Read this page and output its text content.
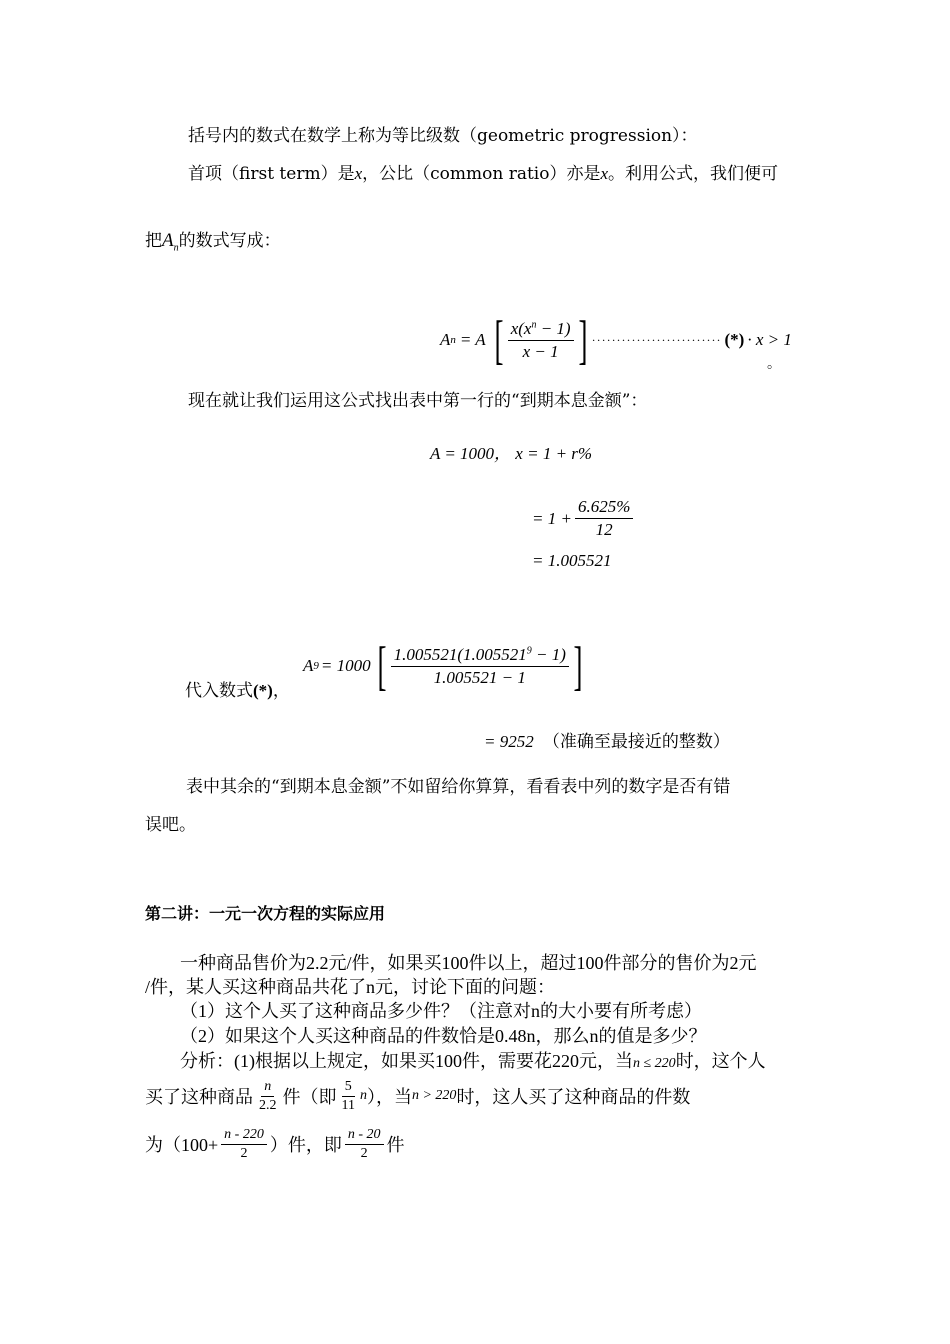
括号内的数式在数学上称为等比级数（geometric progression）：
首项（first term）是x，公比（common ratio）亦是x。利用公式，我们便可
把$A_n$的数式写成：
A n = A [ $\frac{x(x^n - 1)}{x - 1}$ ] ·························· (*) · x > 1
。
现在就让我们运用这公式找出表中第一行的“到期本息金额”：
A = 1000， x = 1 + r%
= $1 + \frac{6.625\%}{12}$
= 1.005521
代入数式(*)，
A 9 = 1000 [ $\frac{1.005521(1.005521^9 - 1)}{1.005521 - 1}$ ]
= 9252 （准确至最接近的整数）
表中其余的“到期本息金额”不如留给你算算，看看表中列的数字是否有错
误吧。
第二讲：一元一次方程的实际应用
一种商品售价为2.2元/件，如果买100件以上，超过100件部分的售价为2元
/件，某人买这种商品共花了n元，讨论下面的问题：
（1）这个人买了这种商品多少件？（注意对n的大小要有所考虑）
（2）如果这个人买这种商品的件数恰是0.48n，那么n的值是多少？
分析：(1)根据以上规定，如果买100件，需要花220元，当n ≤ 220时，这个人
买了这种商品 $\frac{n}{2.2}$ 件（即 $\frac{5}{11}$ n ），当 n > 220 时，这人买了这种商品的件数
为（$100+ \frac{n - 220}{2}$ ）件，即 $\frac{n - 20}{2}$ 件
